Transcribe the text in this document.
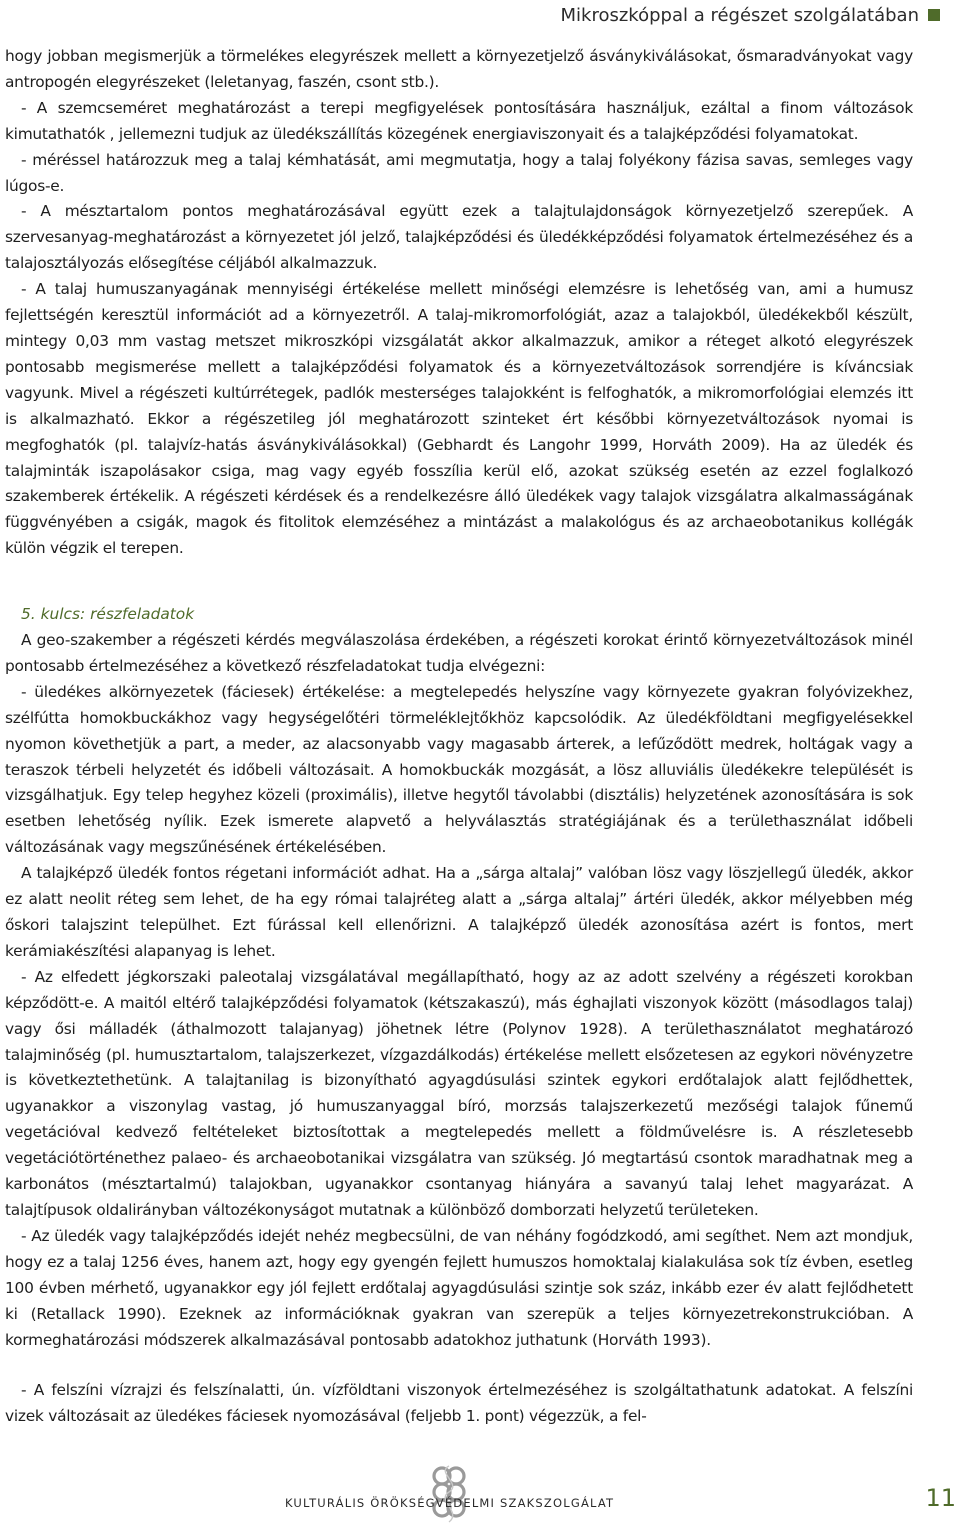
Mikroszkóppal a régészet szolgálatában

hogy jobban megismerjük a törmelékes elegyrészek mellett a környezetjelző ásványkiválásokat, ősmaradványokat vagy antropogén elegyrészeket (leletanyag, faszén, csont stb.).

- A szemcseméret meghatározást a terepi megfigyelések pontosítására használjuk, ezáltal a finom változások kimutathatók , jellemezni tudjuk az üledékszállítás közegének energiaviszonyait és a talajképződési folyamatokat.

- méréssel határozzuk meg a talaj kémhatását, ami megmutatja, hogy a talaj folyékony fázisa savas, semleges vagy lúgos-e.

- A mésztartalom pontos meghatározásával együtt ezek a talajtulajdonságok környezetjelző szerepűek. A szervesanyag-meghatározást a környezetet jól jelző, talajképződési és üledékképződési folyamatok értelmezéséhez és a talajosztályozás elősegítése céljából alkalmazzuk.

- A talaj humuszanyagának mennyiségi értékelése mellett minőségi elemzésre is lehetőség van, ami a humusz fejlettségén keresztül információt ad a környezetről. A talaj-mikromorfológiát, azaz a talajokból, üledékekből készült, mintegy 0,03 mm vastag metszet mikroszkópi vizsgálatát akkor alkalmazzuk, amikor a réteget alkotó elegyrészek pontosabb megismerése mellett a talajképződési folyamatok és a környezetváltozások sorrendjére is kíváncsiak vagyunk. Mivel a régészeti kultúrrétegek, padlók mesterséges talajokként is felfoghatók, a mikromorfológiai elemzés itt is alkalmazható. Ekkor a régészetileg jól meghatározott szinteket ért későbbi környezetváltozások nyomai is megfoghatók (pl. talajvíz-hatás ásványkiválásokkal) (Gebhardt és Langohr 1999, Horváth 2009). Ha az üledék és talajminták iszapolásakor csiga, mag vagy egyéb fosszília kerül elő, azokat szükség esetén az ezzel foglalkozó szakemberek értékelik. A régészeti kérdések és a rendelkezésre álló üledékek vagy talajok vizsgálatra alkalmasságának függvényében a csigák, magok és fitolitok elemzéséhez a mintázást a malakológus és az archaeobotanikus kollégák külön végzik el terepen.

5. kulcs: részfeladatok

A geo-szakember a régészeti kérdés megválaszolása érdekében, a régészeti korokat érintő környezetváltozások minél pontosabb értelmezéséhez a következő részfeladatokat tudja elvégezni:

- üledékes alkörnyezetek (fáciesek) értékelése: a megtelepedés helyszíne vagy környezete gyakran folyóvizekhez, szélfútta homokbuckákhoz vagy hegységelőtéri törmeléklejtőkhöz kapcsolódik. Az üledékföldtani megfigyelésekkel nyomon követhetjük a part, a meder, az alacsonyabb vagy magasabb árterek, a lefűződött medrek, holtágak vagy a teraszok térbeli helyzetét és időbeli változásait. A homokbuckák mozgását, a lösz alluviális üledékekre települését is vizsgálhatjuk. Egy telep hegyhez közeli (proximális), illetve hegytől távolabbi (disztális) helyzetének azonosítására is sok esetben lehetőség nyílik. Ezek ismerete alapvető a helyválasztás stratégiájának és a területhasználat időbeli változásának vagy megszűnésének értékelésében.

A talajképző üledék fontos régetani információt adhat. Ha a „sárga altalaj” valóban lösz vagy löszjellegű üledék, akkor ez alatt neolit réteg sem lehet, de ha egy római talajréteg alatt a „sárga altalaj” ártéri üledék, akkor mélyebben még őskori talajszint települhet. Ezt fúrással kell ellenőrizni. A talajképző üledék azonosítása azért is fontos, mert kerámiakészítési alapanyag is lehet.

- Az elfedett jégkorszaki paleotalaj vizsgálatával megállapítható, hogy az az adott szelvény a régészeti korokban képződött-e. A maitól eltérő talajképződési folyamatok (kétszakaszú), más éghajlati viszonyok között (másodlagos talaj) vagy ősi málladék (áthalmozott talajanyag) jöhetnek létre (Polynov 1928). A területhasználatot meghatározó talajminőség (pl. humusztartalom, talajszerkezet, vízgazdálkodás) értékelése mellett elsőzetesen az egykori növényzetre is következtethetünk. A talajtanilag is bizonyítható agyagdúsulási szintek egykori erdőtalajok alatt fejlődhettek, ugyanakkor a viszonylag vastag, jó humuszanyaggal bíró, morzsás talajszerkezetű mezőségi talajok fűnemű vegetációval kedvező feltételeket biztosítottak a megtelepedés mellett a földművelésre is. A részletesebb vegetációtörténethez palaeo- és archaeobotanikai vizsgálatra van szükség. Jó megtartású csontok maradhatnak meg a karbonátos (mésztartalmú) talajokban, ugyanakkor csontanyag hiányára a savanyú talaj lehet magyarázat. A talajtípusok oldalirányban változékonyságot mutatnak a különböző domborzati helyzetű területeken.

- Az üledék vagy talajképződés idejét nehéz megbecsülni, de van néhány fogódzkodó, ami segíthet. Nem azt mondjuk, hogy ez a talaj 1256 éves, hanem azt, hogy egy gyengén fejlett humuszos homoktalaj kialakulása sok tíz évben, esetleg 100 évben mérhető, ugyanakkor egy jól fejlett erdőtalaj agyagdúsulási szintje sok száz, inkább ezer év alatt fejlődhetett ki (Retallack 1990). Ezeknek az információknak gyakran van szerepük a teljes környezetrekonstrukcióban. A kormeghatározási módszerek alkalmazásával pontosabb adatokhoz juthatunk (Horváth 1993).

- A felszíni vízrajzi és felszínalatti, ún. vízföldtani viszonyok értelmezéséhez is szolgáltathatunk adatokat. A felszíni vizek változásait az üledékes fáciesek nyomozásával (feljebb 1. pont) végezzük, a fel-

KULTURÁLIS ÖRÖKSÉGVÉDELMI SZAKSZOLGÁLAT	11
